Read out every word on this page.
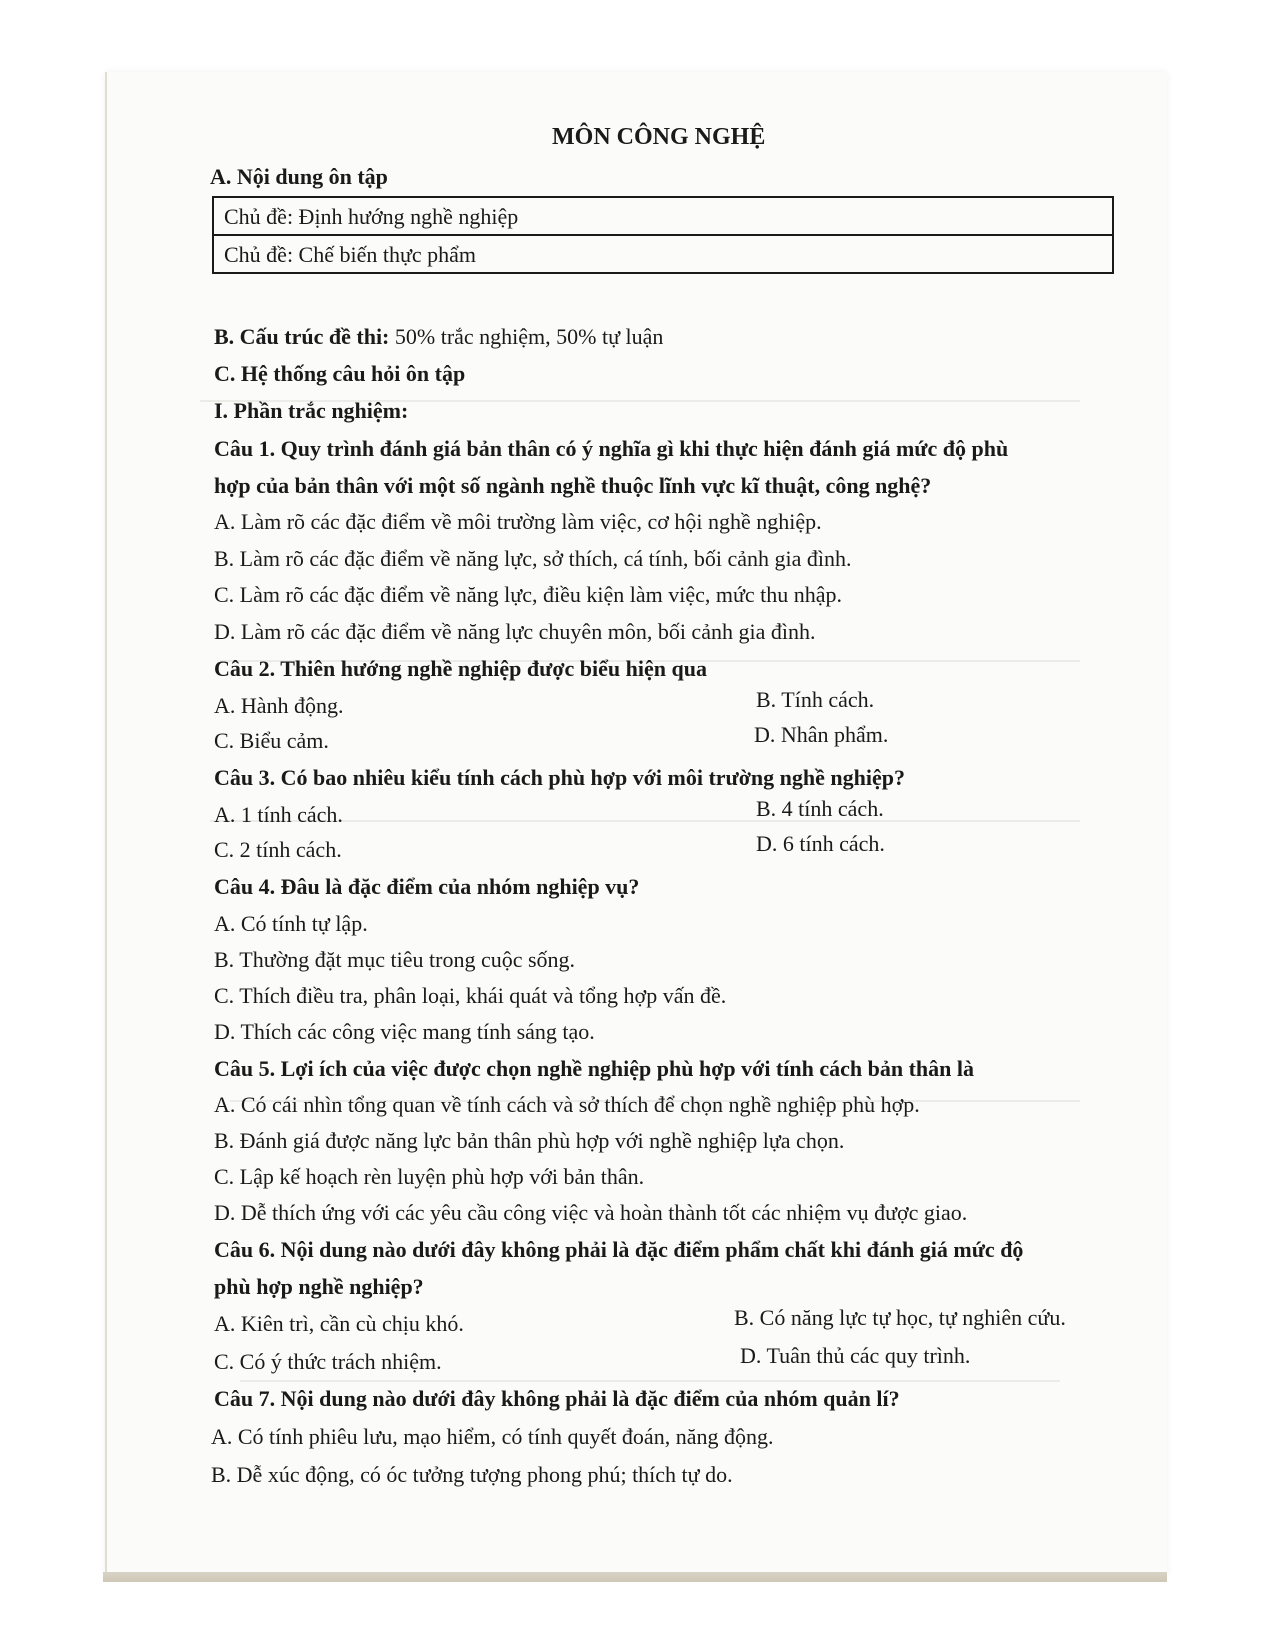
MÔN CÔNG NGHỆ
A. Nội dung ôn tập
Chủ đề: Định hướng nghề nghiệp
Chủ đề: Chế biến thực phẩm
B. Cấu trúc đề thi: 50% trắc nghiệm, 50% tự luận
C. Hệ thống câu hỏi ôn tập
I. Phần trắc nghiệm:
Câu 1. Quy trình đánh giá bản thân có ý nghĩa gì khi thực hiện đánh giá mức độ phù
hợp của bản thân với một số ngành nghề thuộc lĩnh vực kĩ thuật, công nghệ?
A. Làm rõ các đặc điểm về môi trường làm việc, cơ hội nghề nghiệp.
B. Làm rõ các đặc điểm về năng lực, sở thích, cá tính, bối cảnh gia đình.
C. Làm rõ các đặc điểm về năng lực, điều kiện làm việc, mức thu nhập.
D. Làm rõ các đặc điểm về năng lực chuyên môn, bối cảnh gia đình.
Câu 2. Thiên hướng nghề nghiệp được biểu hiện qua
A. Hành động.	B. Tính cách.
C. Biểu cảm.	D. Nhân phẩm.
Câu 3. Có bao nhiêu kiểu tính cách phù hợp với môi trường nghề nghiệp?
A. 1 tính cách.	B. 4 tính cách.
C. 2 tính cách.	D. 6 tính cách.
Câu 4. Đâu là đặc điểm của nhóm nghiệp vụ?
A. Có tính tự lập.
B. Thường đặt mục tiêu trong cuộc sống.
C. Thích điều tra, phân loại, khái quát và tổng hợp vấn đề.
D. Thích các công việc mang tính sáng tạo.
Câu 5. Lợi ích của việc được chọn nghề nghiệp phù hợp với tính cách bản thân là
A. Có cái nhìn tổng quan về tính cách và sở thích để chọn nghề nghiệp phù hợp.
B. Đánh giá được năng lực bản thân phù hợp với nghề nghiệp lựa chọn.
C. Lập kế hoạch rèn luyện phù hợp với bản thân.
D. Dễ thích ứng với các yêu cầu công việc và hoàn thành tốt các nhiệm vụ được giao.
Câu 6. Nội dung nào dưới đây không phải là đặc điểm phẩm chất khi đánh giá mức độ
phù hợp nghề nghiệp?
A. Kiên trì, cần cù chịu khó.	B. Có năng lực tự học, tự nghiên cứu.
C. Có ý thức trách nhiệm.	D. Tuân thủ các quy trình.
Câu 7. Nội dung nào dưới đây không phải là đặc điểm của nhóm quản lí?
A. Có tính phiêu lưu, mạo hiểm, có tính quyết đoán, năng động.
B. Dễ xúc động, có óc tưởng tượng phong phú; thích tự do.
